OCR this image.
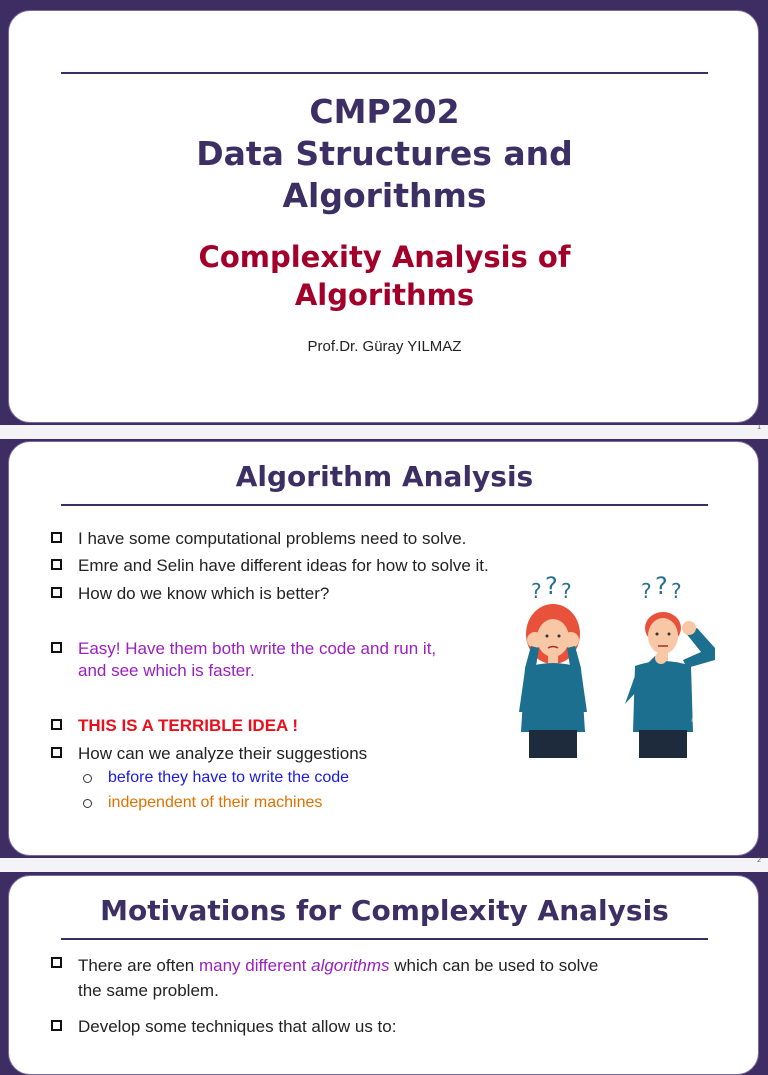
CMP202
Data Structures and
Algorithms
Complexity Analysis of
Algorithms
Prof.Dr. Güray YILMAZ
1
Algorithm Analysis
I have some computational problems need to solve.
Emre and Selin have different ideas for how to solve it.
How do we know which is better?
Easy! Have them both write the code and run it,
and see which is faster.
THIS IS A TERRIBLE IDEA !
How can we analyze their suggestions
before they have to write the code
independent of their machines
? ? ?	? ? ?
alamy
alamy
2
Motivations for Complexity Analysis
There are often many different algorithms which can be used to solve
the same problem.
Develop some techniques that allow us to:
